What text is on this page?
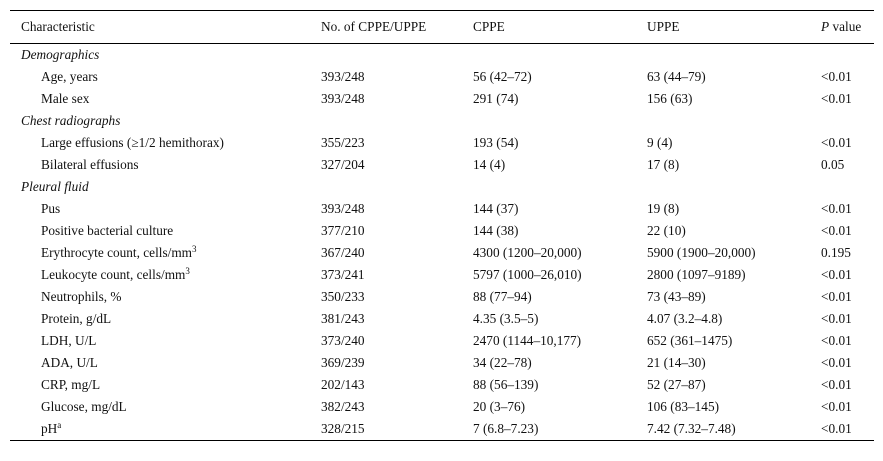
Characteristic	No. of CPPE/UPPE	CPPE	UPPE	P value
Demographics				
Age, years	393/248	56 (42–72)	63 (44–79)	<0.01
Male sex	393/248	291 (74)	156 (63)	<0.01
Chest radiographs				
Large effusions (≥1/2 hemithorax)	355/223	193 (54)	9 (4)	<0.01
Bilateral effusions	327/204	14 (4)	17 (8)	0.05
Pleural fluid				
Pus	393/248	144 (37)	19 (8)	<0.01
Positive bacterial culture	377/210	144 (38)	22 (10)	<0.01
Erythrocyte count, cells/$mm^3$	367/240	4300 (1200–20,000)	5900 (1900–20,000)	0.195
Leukocyte count, cells/$mm^3$	373/241	5797 (1000–26,010)	2800 (1097–9189)	<0.01
Neutrophils, %	350/233	88 (77–94)	73 (43–89)	<0.01
Protein, g/dL	381/243	4.35 (3.5–5)	4.07 (3.2–4.8)	<0.01
LDH, U/L	373/240	2470 (1144–10,177)	652 (361–1475)	<0.01
ADA, U/L	369/239	34 (22–78)	21 (14–30)	<0.01
CRP, mg/L	202/143	88 (56–139)	52 (27–87)	<0.01
Glucose, mg/dL	382/243	20 (3–76)	106 (83–145)	<0.01
$pH^a$	328/215	7 (6.8–7.23)	7.42 (7.32–7.48)	<0.01
